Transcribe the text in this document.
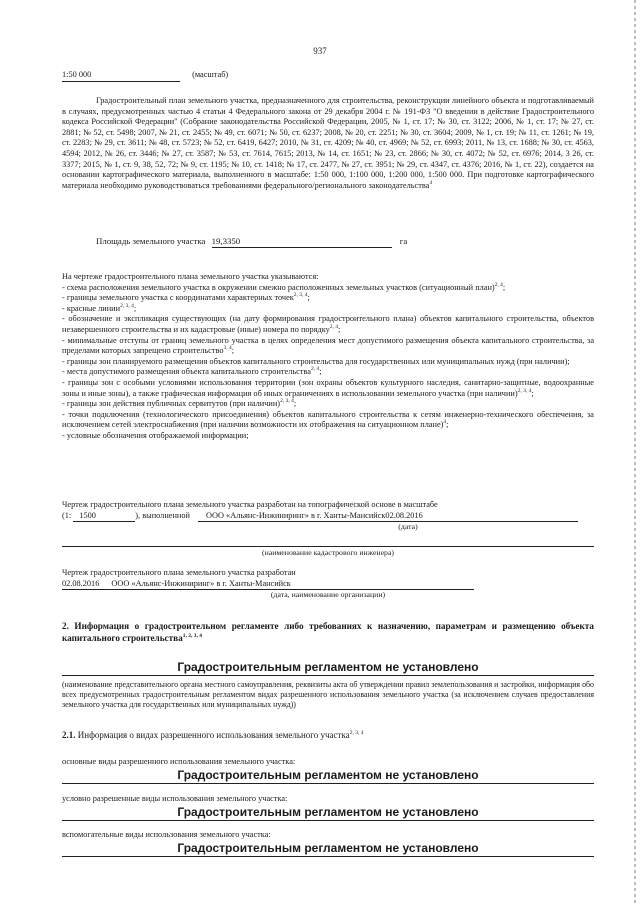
937
1:50 000	(масштаб)
Градостроительный план земельного участка, предназначенного для строительства, реконструкции линейного объекта и подготавливаемый в случаях, предусмотренных частью 4 статьи 4 Федерального закона от 29 декабря 2004 г. № 191-ФЗ "О введении в действие Градостроительного кодекса Российской Федерации" (Собрание законодательства Российской Федерации, 2005, № 1, ст. 17; № 30, ст. 3122; 2006, № 1, ст. 17; № 27, ст. 2881; № 52, ст. 5498; 2007, № 21, ст. 2455; № 49, ст. 6071; № 50, ст. 6237; 2008, № 20, ст. 2251; № 30, ст. 3604; 2009, № 1, ст. 19; № 11, ст. 1261; № 19, ст. 2283; № 29, ст. 3611; № 48, ст. 5723; № 52, ст. 6419, 6427; 2010, № 31, ст. 4209; № 40, ст. 4969; № 52, ст. 6993; 2011, № 13, ст. 1688; № 30, ст. 4563, 4594; 2012, № 26, ст. 3446; № 27, ст. 3587; № 53, ст. 7614, 7615; 2013, № 14, ст. 1651; № 23, ст. 2866; № 30, ст. 4072; № 52, ст. 6976; 2014, 3 26, ст. 3377; 2015, № 1, ст. 9, 38, 52, 72; № 9, ст. 1195; № 10, ст. 1418; № 17, ст. 2477, № 27, ст. 3951; № 29, ст. 4347, ст. 4376; 2016, № 1, ст. 22), создается на основании картографического материала, выполненного в масштабе: 1:50 000, 1:100 000, 1:200 000, 1:500 000. При подготовке картографического материала необходимо руководствоваться требованиями федерального/регионального законодательства$^4$
Площадь земельного участка 19,3350	га
На чертеже градостроительного плана земельного участка указываются:
- схема расположения земельного участка в окружении смежно расположенных земельных участков (ситуационный план)$^{2, 4}$;
- границы земельного участка с координатами характерных точек$^{2, 3, 4}$;
- красные линии$^{2, 3, 4}$;
- обозначение и экспликация существующих (на дату формирования градостроительного плана) объектов капитального строительства, объектов незавершенного строительства и их кадастровые (иные) номера по порядку$^{2, 4}$;
- минимальные отступы от границ земельного участка в целях определения мест допустимого размещения объекта капитального строительства, за пределами которых запрещено строительство$^{3, 4}$;
- границы зон планируемого размещения объектов капитального строительства для государственных или муниципальных нужд (при наличии);
- места допустимого размещения объекта капитального строительства$^{2, 4}$;
- границы зон с особыми условиями использования территории (зон охраны объектов культурного наследия, санитарно-защитные, водоохранные зоны и иные зоны), а также графическая информация об иных ограничениях в использовании земельного участка (при наличии)$^{2, 3, 4}$;
- границы зон действия публичных сервитутов (при наличии)$^{2, 3, 4}$;
- точки подключения (технологического присоединения) объектов капитального строительства к сетям инженерно-технического обеспечения, за исключением сетей электроснабжения (при наличии возможности их отображения на ситуационном плане)$^4$;
- условные обозначения отображаемой информации;
Чертеж градостроительного плана земельного участка разработан на топографической основе в масштабе
(1: 1500	), выполненной ООО «Альянс-Инжиниринг» в г. Ханты-Мансийск02.08.2016
(дата)
(наименование кадастрового инженера)
Чертеж градостроительного плана земельного участка разработан
02.08.2016 ООО «Альянс-Инжиниринг» в г. Ханты-Мансийск
(дата, наименование организации)
2. Информация о градостроительном регламенте либо требованиях к назначению, параметрам и размещению объекта капитального строительства$^{1, 2, 3, 4}$
Градостроительным регламентом не установлено
(наименование представительного органа местного самоуправления, реквизиты акта об утверждении правил землепользования и застройки, информация обо всех предусмотренных градостроительным регламентом видах разрешенного использования земельного участка (за исключением случаев предоставления земельного участка для государственных или муниципальных нужд))
2.1. Информация о видах разрешенного использования земельного участка$^{2, 3, 4}$
основные виды разрешенного использования земельного участка:
Градостроительным регламентом не установлено
условно разрешенные виды использования земельного участка:
Градостроительным регламентом не установлено
вспомогательные виды использования земельного участка:
Градостроительным регламентом не установлено
